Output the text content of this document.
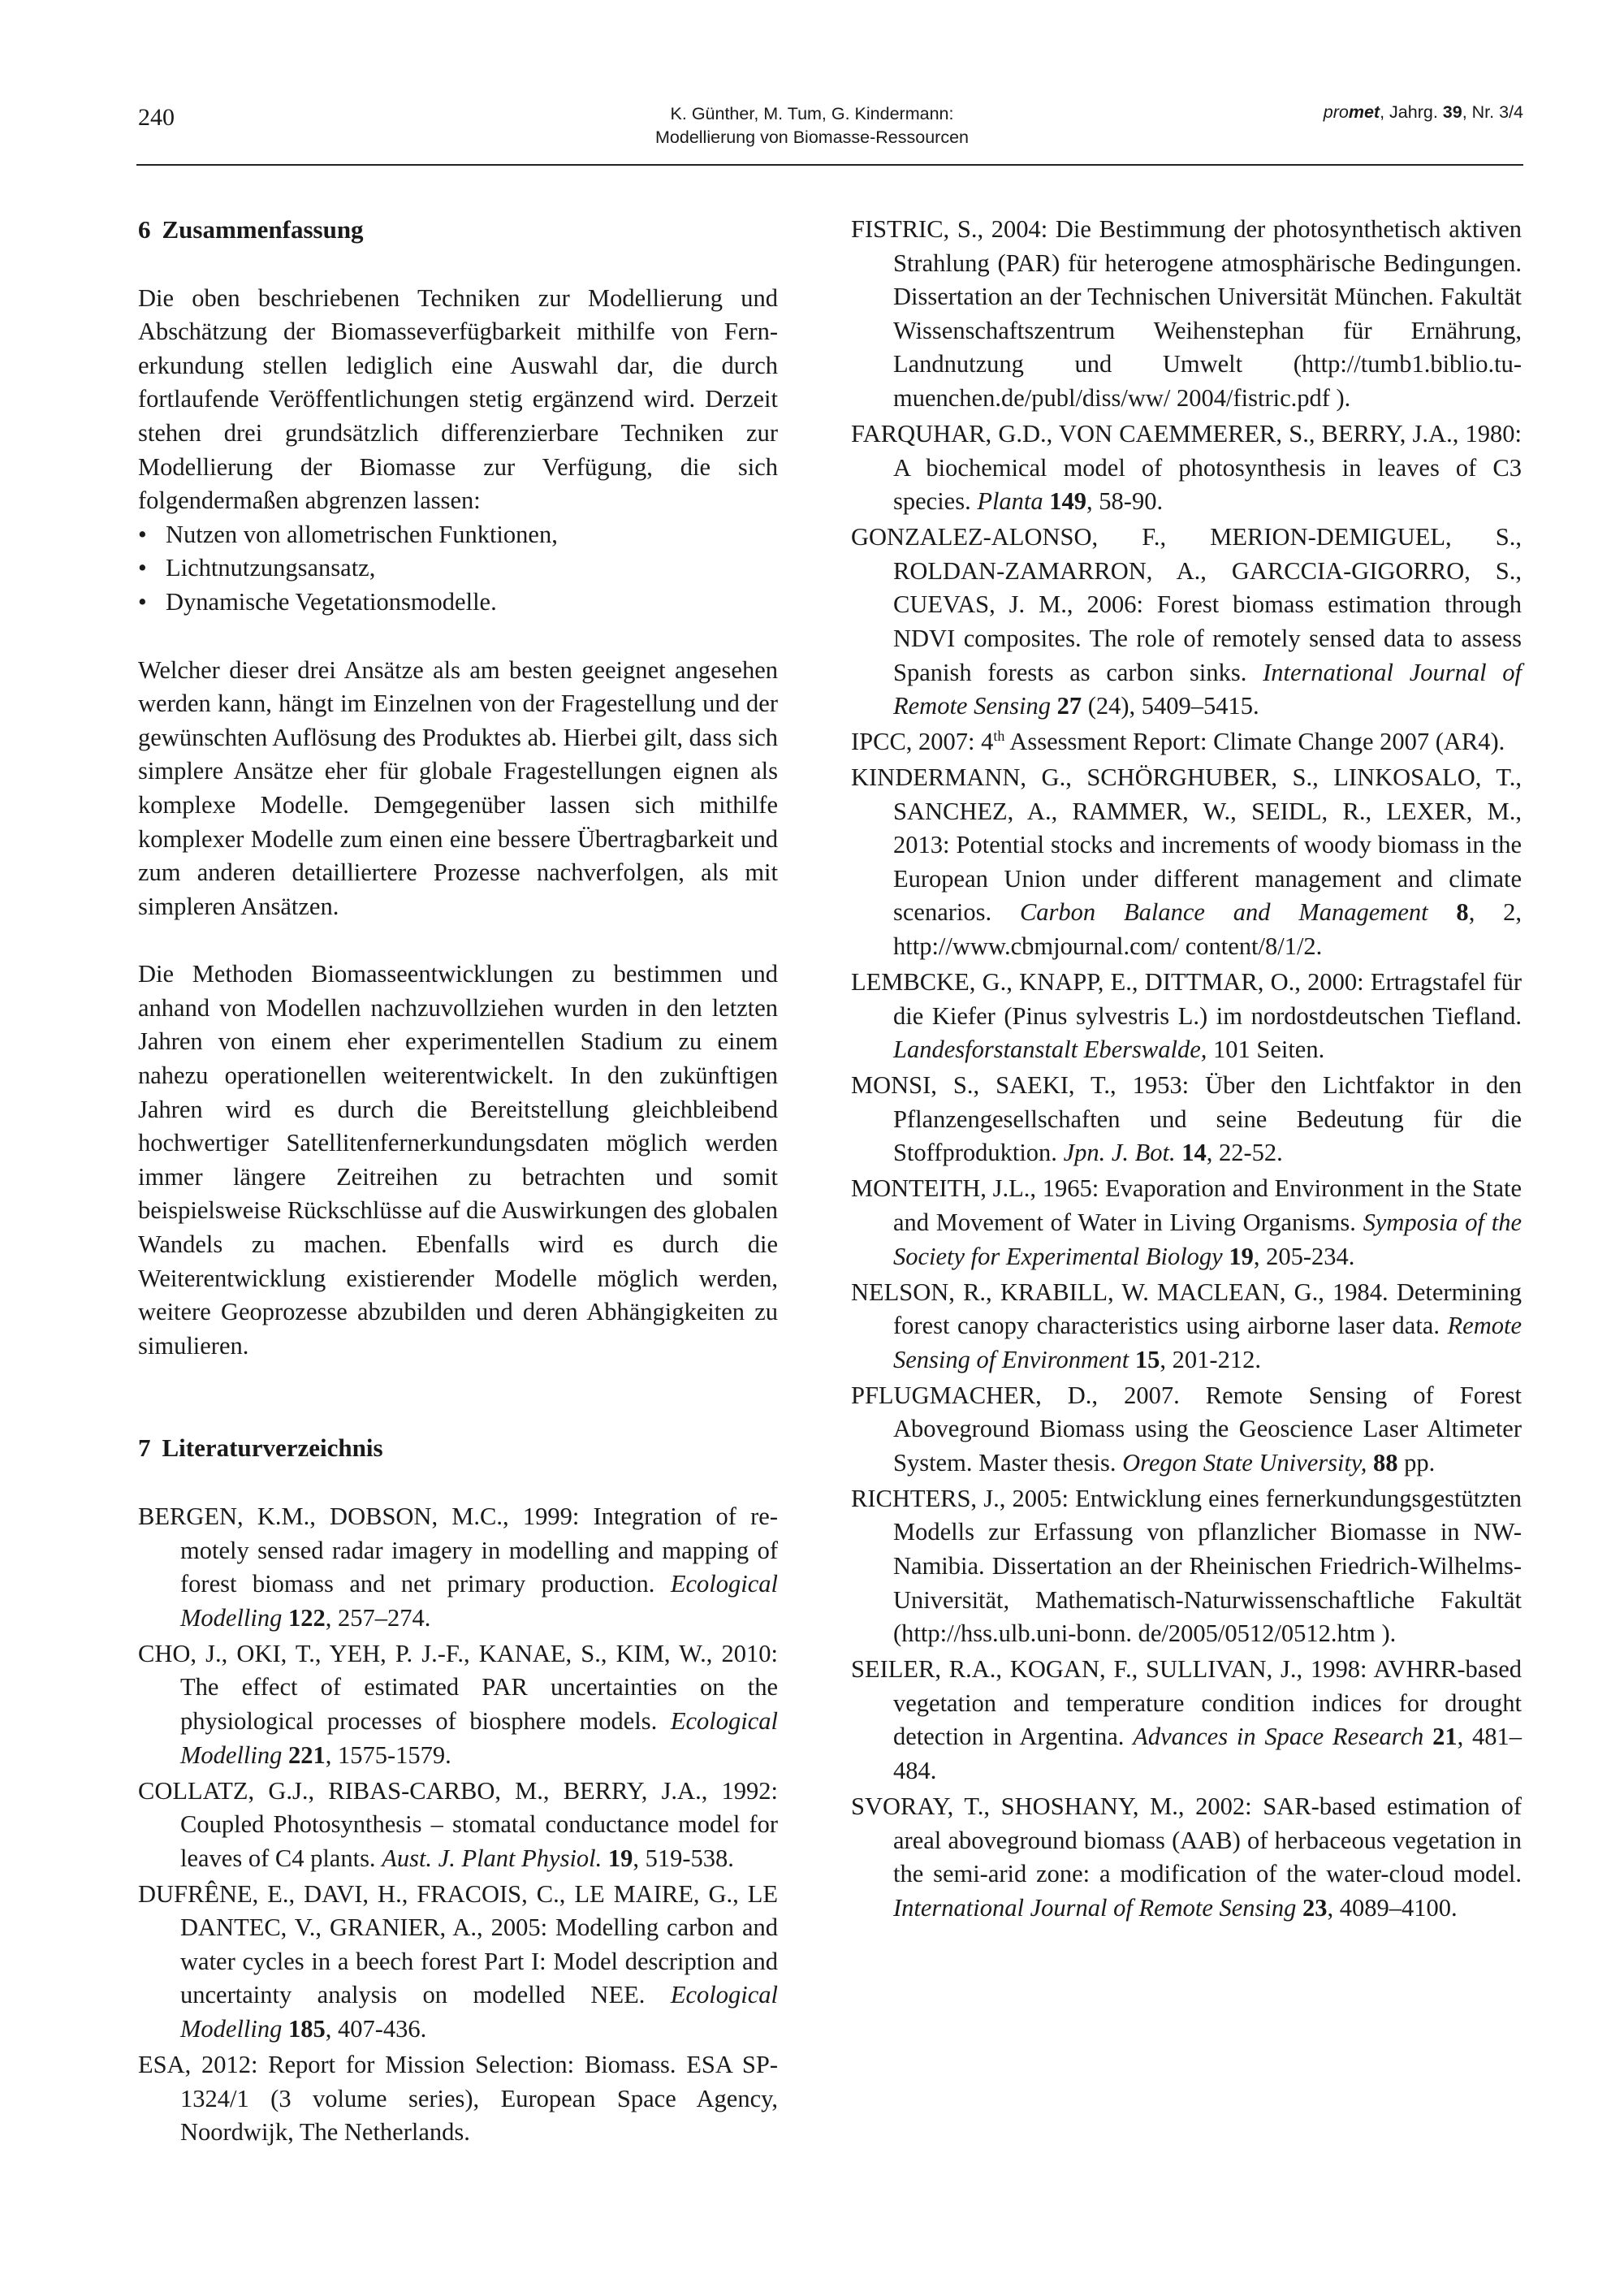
240	K. Günther, M. Tum, G. Kindermann:
Modellierung von Biomasse-Ressourcen
promet, Jahrg. 39, Nr. 3/4
6 Zusammenfassung

Die oben beschriebenen Techniken zur Modellierung und Abschätzung der Biomasseverfügbarkeit mithilfe von Fernerkundung stellen lediglich eine Auswahl dar, die durch fortlaufende Veröffentlichungen stetig ergänzend wird. Derzeit stehen drei grundsätzlich differenzierbare Techniken zur Modellierung der Biomasse zur Verfügung, die sich folgendermaßen abgrenzen lassen:

• Nutzen von allometrischen Funktionen,
• Lichtnutzungsansatz,
• Dynamische Vegetationsmodelle.

Welcher dieser drei Ansätze als am besten geeignet angesehen werden kann, hängt im Einzelnen von der Fragestellung und der gewünschten Auflösung des Produktes ab. Hierbei gilt, dass sich simplere Ansätze eher für globale Fragestellungen eignen als komplexe Modelle. Demgegenüber lassen sich mithilfe komplexer Modelle zum einen eine bessere Übertragbarkeit und zum anderen detailliertere Prozesse nachverfolgen, als mit simpleren Ansätzen.

Die Methoden Biomasseentwicklungen zu bestimmen und anhand von Modellen nachzuvollziehen wurden in den letzten Jahren von einem eher experimentellen Stadium zu einem nahezu operationellen weiterentwickelt. In den zukünftigen Jahren wird es durch die Bereitstellung gleichbleibend hochwertiger Satellitenfernerkundungsdaten möglich werden immer längere Zeitreihen zu betrachten und somit beispielsweise Rückschlüsse auf die Auswirkungen des globalen Wandels zu machen. Ebenfalls wird es durch die Weiterentwicklung existierender Modelle möglich werden, weitere Geoprozesse abzubilden und deren Abhängigkeiten zu simulieren.

7 Literaturverzeichnis

BERGEN, K.M., DOBSON, M.C., 1999: Integration of remotely sensed radar imagery in modelling and mapping of forest biomass and net primary production. Ecological Modelling 122, 257–274.

CHO, J., OKI, T., YEH, P. J.-F., KANAE, S., KIM, W., 2010: The effect of estimated PAR uncertainties on the physiological processes of biosphere models. Ecological Modelling 221, 1575-1579.

COLLATZ, G.J., RIBAS-CARBO, M., BERRY, J.A., 1992: Coupled Photosynthesis – stomatal conductance model for leaves of C4 plants. Aust. J. Plant Physiol. 19, 519-538.

DUFRÊNE, E., DAVI, H., FRACOIS, C., LE MAIRE, G., LE DANTEC, V., GRANIER, A., 2005: Modelling carbon and water cycles in a beech forest Part I: Model description and uncertainty analysis on modelled NEE. Ecological Modelling 185, 407-436.

ESA, 2012: Report for Mission Selection: Biomass. ESA SP-1324/1 (3 volume series), European Space Agency, Noordwijk, The Netherlands.

FISTRIC, S., 2004: Die Bestimmung der photosynthetisch aktiven Strahlung (PAR) für heterogene atmosphärische Bedingungen. Dissertation an der Technischen Universität München. Fakultät Wissenschaftszentrum Weihenstephan für Ernährung, Landnutzung und Umwelt (http://tumb1.biblio.tu-muenchen.de/publ/diss/ww/ 2004/fistric.pdf ).

FARQUHAR, G.D., VON CAEMMERER, S., BERRY, J.A., 1980: A biochemical model of photosynthesis in leaves of C3 species. Planta 149, 58-90.

GONZALEZ-ALONSO, F., MERION-DEMIGUEL, S., ROLDAN-ZAMARRON, A., GARCCIA-GIGORRO, S., CUEVAS, J. M., 2006: Forest biomass estimation through NDVI composites. The role of remotely sensed data to assess Spanish forests as carbon sinks. International Journal of Remote Sensing 27 (24), 5409–5415.

IPCC, 2007: 4th Assessment Report: Climate Change 2007 (AR4).

KINDERMANN, G., SCHÖRGHUBER, S., LINKOSALO, T., SANCHEZ, A., RAMMER, W., SEIDL, R., LEXER, M., 2013: Potential stocks and increments of woody biomass in the European Union under different management and climate scenarios. Carbon Balance and Management 8, 2, http://www.cbmjournal.com/ content/8/1/2.

LEMBCKE, G., KNAPP, E., DITTMAR, O., 2000: Ertragstafel für die Kiefer (Pinus sylvestris L.) im nordostdeutschen Tiefland. Landesforstanstalt Eberswalde, 101 Seiten.

MONSI, S., SAEKI, T., 1953: Über den Lichtfaktor in den Pflanzengesellschaften und seine Bedeutung für die Stoffproduktion. Jpn. J. Bot. 14, 22-52.

MONTEITH, J.L., 1965: Evaporation and Environment in the State and Movement of Water in Living Organisms. Symposia of the Society for Experimental Biology 19, 205-234.

NELSON, R., KRABILL, W. MACLEAN, G., 1984. Determining forest canopy characteristics using airborne laser data. Remote Sensing of Environment 15, 201-212.

PFLUGMACHER, D., 2007. Remote Sensing of Forest Aboveground Biomass using the Geoscience Laser Altimeter System. Master thesis. Oregon State University, 88 pp.

RICHTERS, J., 2005: Entwicklung eines fernerkundungsgestützten Modells zur Erfassung von pflanzlicher Biomasse in NW-Namibia. Dissertation an der Rheinischen Friedrich-Wilhelms-Universität, Mathematisch-Naturwissenschaftliche Fakultät (http://hss.ulb.uni-bonn. de/2005/0512/0512.htm ).

SEILER, R.A., KOGAN, F., SULLIVAN, J., 1998: AVHRR-based vegetation and temperature condition indices for drought detection in Argentina. Advances in Space Research 21, 481–484.

SVORAY, T., SHOSHANY, M., 2002: SAR-based estimation of areal aboveground biomass (AAB) of herbaceous vegetation in the semi-arid zone: a modification of the water-cloud model. International Journal of Remote Sensing 23, 4089–4100.
